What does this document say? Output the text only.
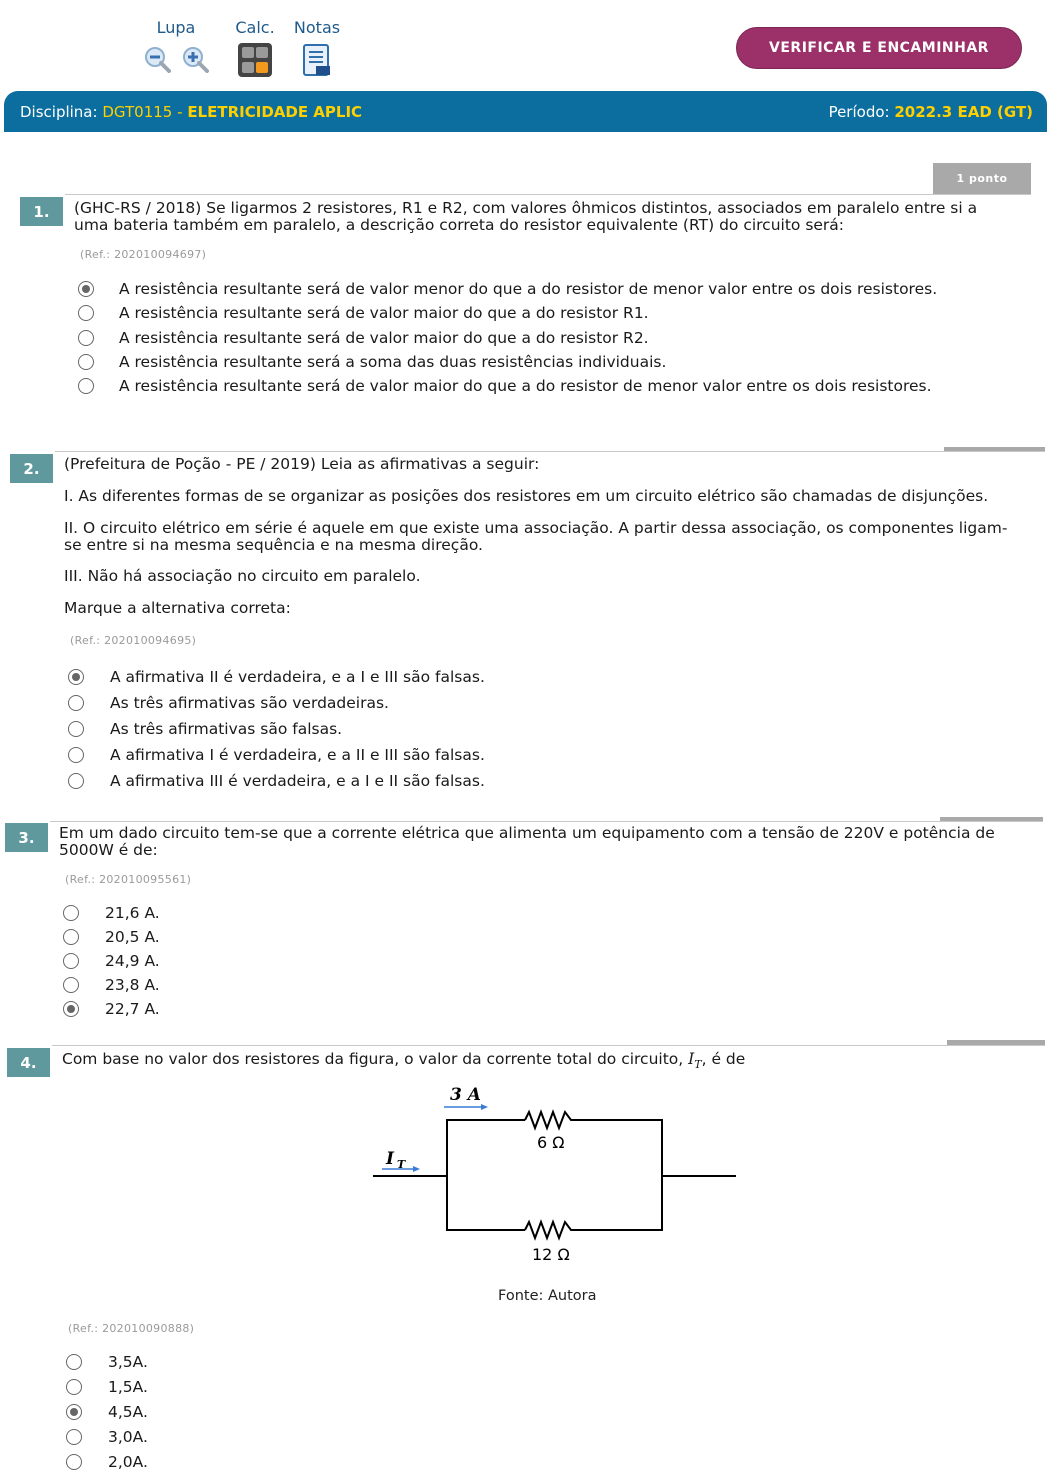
Lupa	Calc.	Notas
VERIFICAR E ENCAMINHAR
Disciplina: DGT0115 - ELETRICIDADE APLIC	Período: 2022.3 EAD (GT)
1 ponto
1.	(GHC-RS / 2018) Se ligarmos 2 resistores, R1 e R2, com valores ôhmicos distintos, associados em paralelo entre si a
uma bateria também em paralelo, a descrição correta do resistor equivalente (RT) do circuito será:
(Ref.: 202010094697)
A resistência resultante será de valor menor do que a do resistor de menor valor entre os dois resistores.
A resistência resultante será de valor maior do que a do resistor R1.
A resistência resultante será de valor maior do que a do resistor R2.
A resistência resultante será a soma das duas resistências individuais.
A resistência resultante será de valor maior do que a do resistor de menor valor entre os dois resistores.
2.	(Prefeitura de Poção - PE / 2019) Leia as afirmativas a seguir:
I. As diferentes formas de se organizar as posições dos resistores em um circuito elétrico são chamadas de disjunções.
II. O circuito elétrico em série é aquele em que existe uma associação. A partir dessa associação, os componentes ligam-
se entre si na mesma sequência e na mesma direção.
III. Não há associação no circuito em paralelo.
Marque a alternativa correta:
(Ref.: 202010094695)
A afirmativa II é verdadeira, e a I e III são falsas.
As três afirmativas são verdadeiras.
As três afirmativas são falsas.
A afirmativa I é verdadeira, e a II e III são falsas.
A afirmativa III é verdadeira, e a I e II são falsas.
3.	Em um dado circuito tem-se que a corrente elétrica que alimenta um equipamento com a tensão de 220V e potência de
5000W é de:
(Ref.: 202010095561)
21,6 A.
20,5 A.
24,9 A.
23,8 A.
22,7 A.
4.	Com base no valor dos resistores da figura, o valor da corrente total do circuito, $I_T$, é de
3 A
I T
6 Ω
12 Ω
Fonte: Autora
(Ref.: 202010090888)
3,5A.
1,5A.
4,5A.
3,0A.
2,0A.
